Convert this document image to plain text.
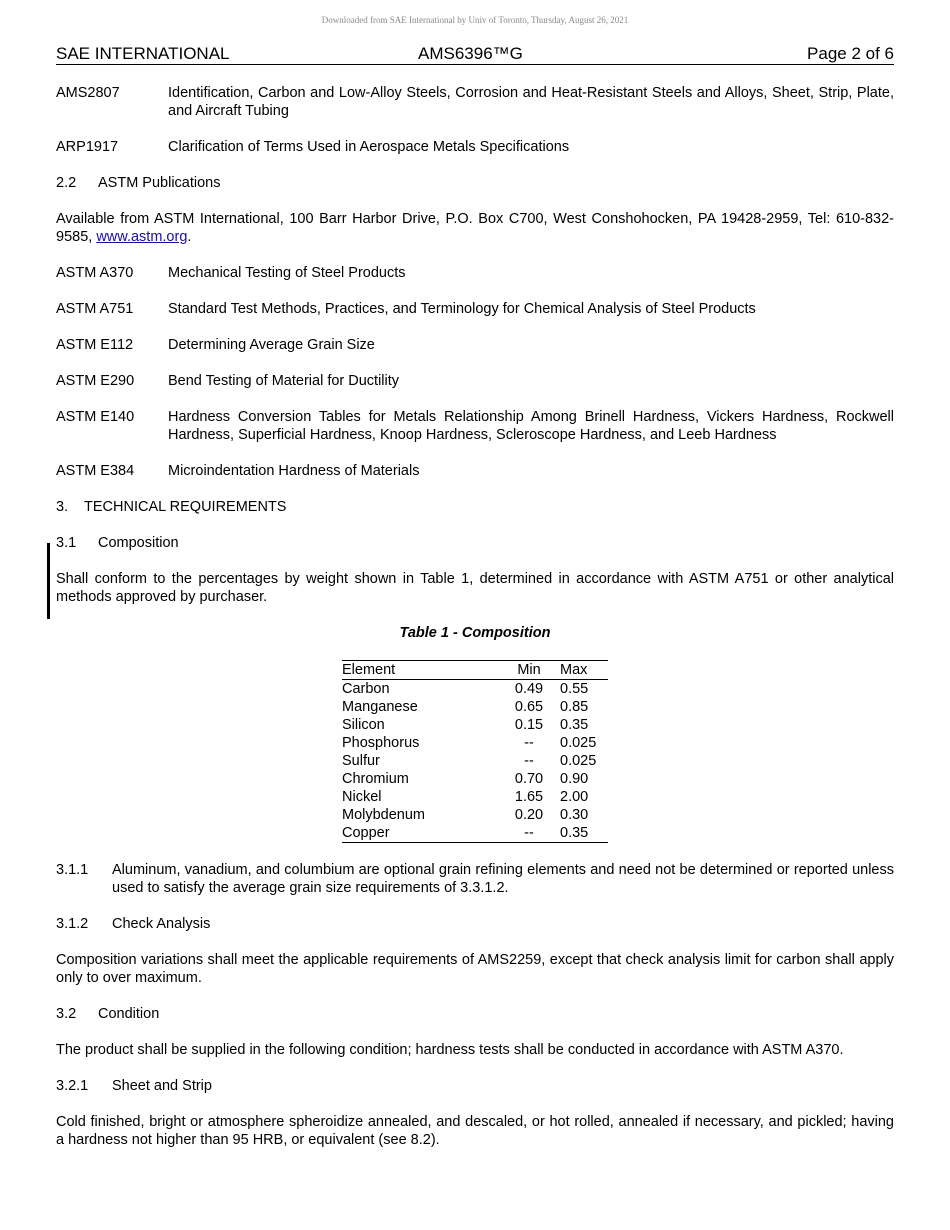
Downloaded from SAE International by Univ of Toronto, Thursday, August 26, 2021
SAE INTERNATIONAL	AMS6396™G	Page 2 of 6
AMS2807	Identification, Carbon and Low-Alloy Steels, Corrosion and Heat-Resistant Steels and Alloys, Sheet, Strip, Plate, and Aircraft Tubing
ARP1917	Clarification of Terms Used in Aerospace Metals Specifications
2.2	ASTM Publications
Available from ASTM International, 100 Barr Harbor Drive, P.O. Box C700, West Conshohocken, PA 19428-2959, Tel: 610-832-9585, www.astm.org.
ASTM A370	Mechanical Testing of Steel Products
ASTM A751	Standard Test Methods, Practices, and Terminology for Chemical Analysis of Steel Products
ASTM E112	Determining Average Grain Size
ASTM E290	Bend Testing of Material for Ductility
ASTM E140	Hardness Conversion Tables for Metals Relationship Among Brinell Hardness, Vickers Hardness, Rockwell Hardness, Superficial Hardness, Knoop Hardness, Scleroscope Hardness, and Leeb Hardness
ASTM E384	Microindentation Hardness of Materials
3.	TECHNICAL REQUIREMENTS
3.1	Composition
Shall conform to the percentages by weight shown in Table 1, determined in accordance with ASTM A751 or other analytical methods approved by purchaser.
Table 1 - Composition
Element	Min	Max
Carbon	0.49	0.55
Manganese	0.65	0.85
Silicon	0.15	0.35
Phosphorus	--	0.025
Sulfur	--	0.025
Chromium	0.70	0.90
Nickel	1.65	2.00
Molybdenum	0.20	0.30
Copper	--	0.35
3.1.1	Aluminum, vanadium, and columbium are optional grain refining elements and need not be determined or reported unless used to satisfy the average grain size requirements of 3.3.1.2.
3.1.2	Check Analysis
Composition variations shall meet the applicable requirements of AMS2259, except that check analysis limit for carbon shall apply only to over maximum.
3.2	Condition
The product shall be supplied in the following condition; hardness tests shall be conducted in accordance with ASTM A370.
3.2.1	Sheet and Strip
Cold finished, bright or atmosphere spheroidize annealed, and descaled, or hot rolled, annealed if necessary, and pickled; having a hardness not higher than 95 HRB, or equivalent (see 8.2).
